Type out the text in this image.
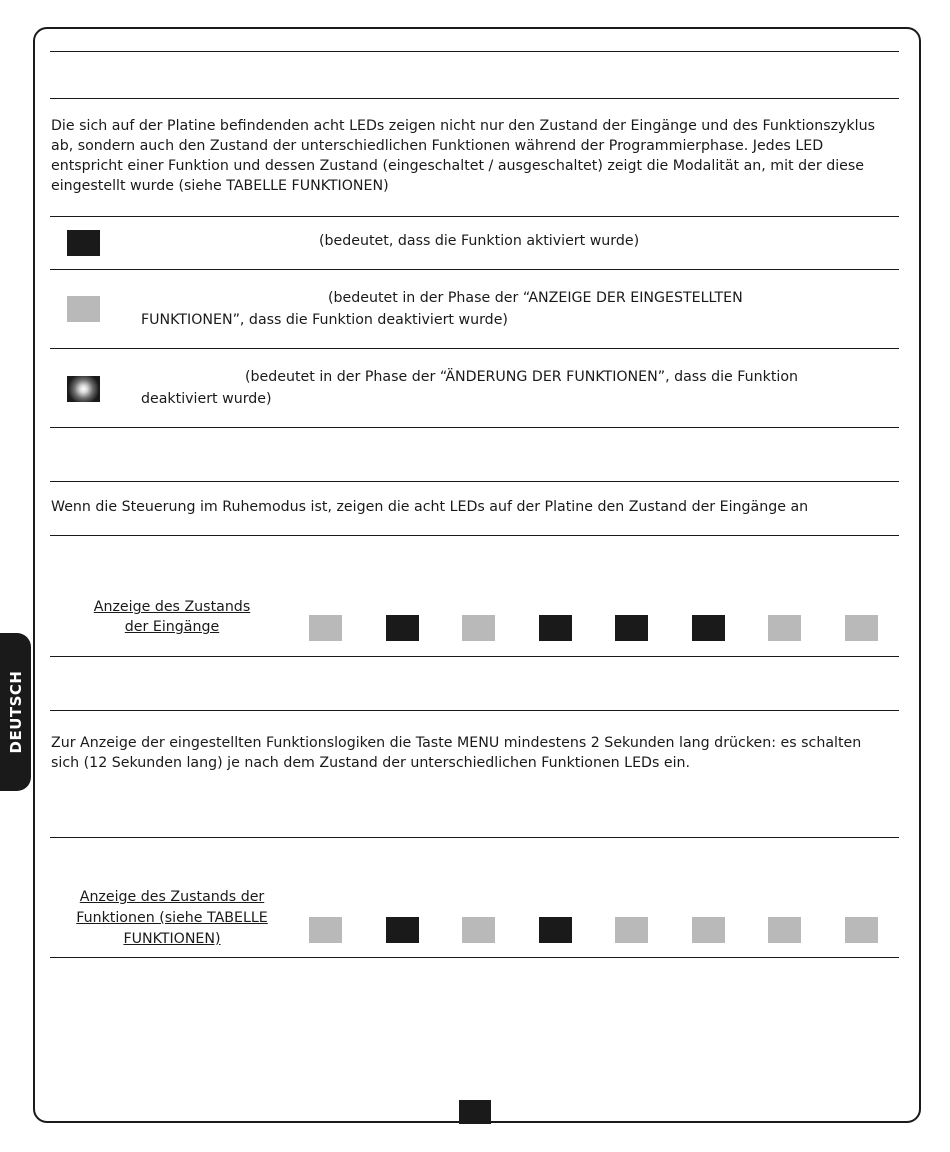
DEUTSCH

Die sich auf der Platine befindenden acht LEDs zeigen nicht nur den Zustand der Eingänge und des Funktionszyklus ab, sondern auch den Zustand der unterschiedlichen Funktionen während der Programmierphase. Jedes LED entspricht einer Funktion und dessen Zustand (eingeschaltet / ausgeschaltet) zeigt die Modalität an, mit der diese eingestellt wurde (siehe TABELLE FUNKTIONEN)

(bedeutet, dass die Funktion aktiviert wurde)

(bedeutet in der Phase der “ANZEIGE DER EINGESTELLTEN

FUNKTIONEN”, dass die Funktion deaktiviert wurde)

(bedeutet in der Phase der “ÄNDERUNG DER FUNKTIONEN”, dass die Funktion

deaktiviert wurde)

Wenn die Steuerung im Ruhemodus ist, zeigen die acht LEDs auf der Platine den Zustand der Eingänge an

Anzeige des Zustands

der Eingänge

Zur Anzeige der eingestellten Funktionslogiken die Taste MENU mindestens 2 Sekunden lang drücken: es schalten sich (12 Sekunden lang) je nach dem Zustand der unterschiedlichen Funktionen LEDs ein.

Anzeige des Zustands der

Funktionen (siehe TABELLE

FUNKTIONEN)
